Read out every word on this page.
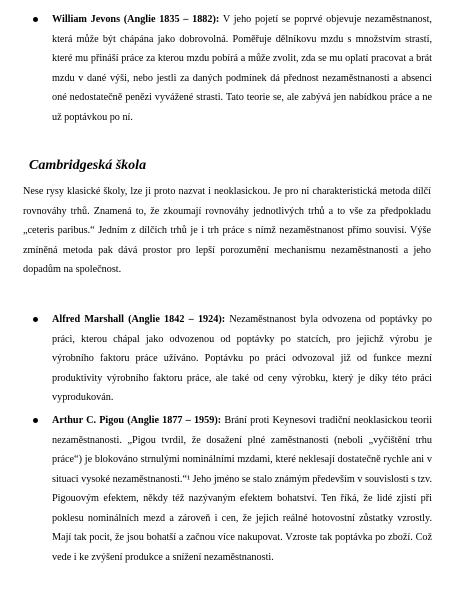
William Jevons (Anglie 1835 – 1882): V jeho pojetí se poprvé objevuje nezaměstnanost, která může být chápána jako dobrovolná. Poměřuje dělníkovu mzdu s množstvím strastí, které mu přináší práce za kterou mzdu pobírá a může zvolit, zda se mu oplatí pracovat a brát mzdu v dané výši, nebo jestli za daných podmínek dá přednost nezaměstnanosti a absenci oné nedostatečně penězi vyvážené strasti. Tato teorie se, ale zabývá jen nabídkou práce a ne už poptávkou po ní.

Cambridgeská škola

Nese rysy klasické školy, lze ji proto nazvat i neoklasickou. Je pro ni charakteristická metoda dílčí rovnováhy trhů. Znamená to, že zkoumají rovnováhy jednotlivých trhů a to vše za předpokladu „ceteris paribus.“ Jedním z dílčích trhů je i trh práce s nímž nezaměstnanost přímo souvisí. Výše zmíněná metoda pak dává prostor pro lepší porozumění mechanismu nezaměstnanosti a jeho dopadům na společnost.

Alfred Marshall (Anglie 1842 – 1924): Nezaměstnanost byla odvozena od poptávky po práci, kterou chápal jako odvozenou od poptávky po statcích, pro jejichž výrobu je výrobního faktoru práce užíváno. Poptávku po práci odvozoval již od funkce mezní produktivity výrobního faktoru práce, ale také od ceny výrobku, který je díky této práci vyprodukován.

Arthur C. Pigou (Anglie 1877 – 1959): Brání proti Keynesovi tradiční neoklasickou teorii nezaměstnanosti. „Pigou tvrdil, že dosažení plné zaměstnanosti (neboli „vyčištění trhu práce“) je blokováno strnulými nominálními mzdami, které neklesají dostatečně rychle ani v situaci vysoké nezaměstnanosti.“¹ Jeho jméno se stalo známým především v souvislosti s tzv. Pigouovým efektem, někdy též nazývaným efektem bohatství. Ten říká, že lidé zjistí při poklesu nominálních mezd a zároveň i cen, že jejich reálné hotovostní zůstatky vzrostly. Mají tak pocit, že jsou bohatší a začnou více nakupovat. Vzroste tak poptávka po zboží. Což vede i ke zvýšení produkce a snížení nezaměstnanosti.
